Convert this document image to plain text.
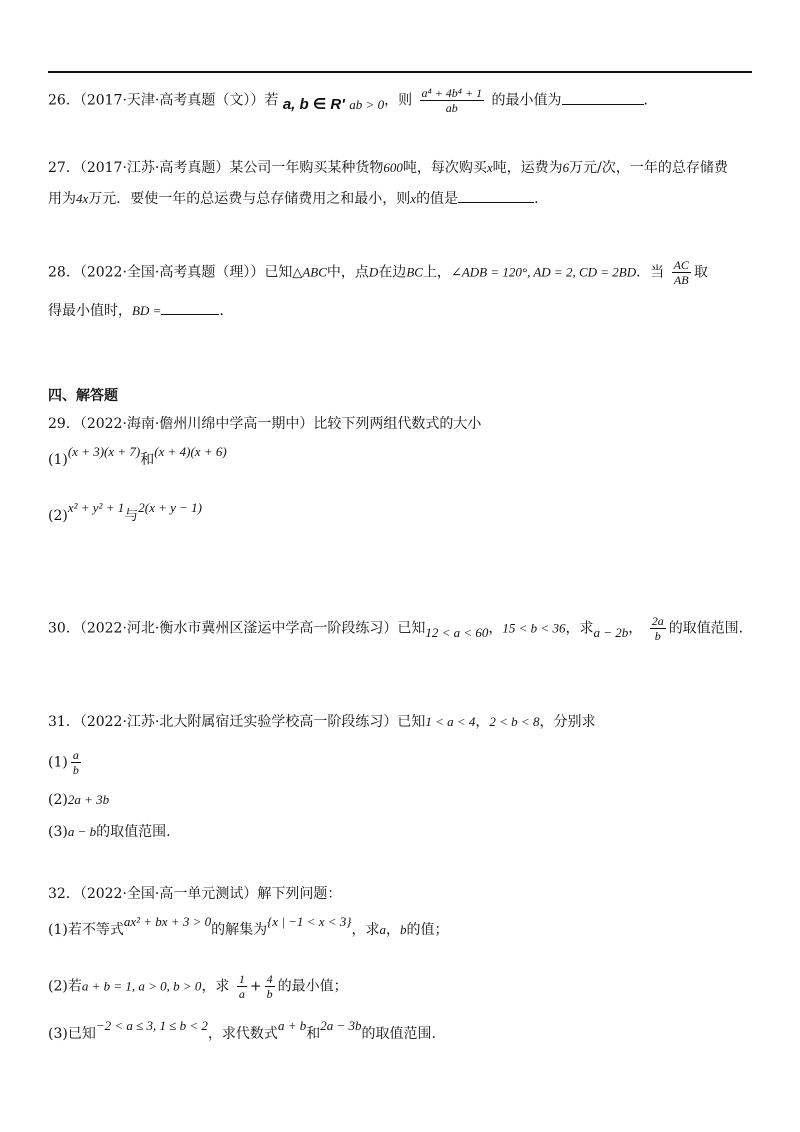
26．（2017·天津·高考真题（文））若 a, b ∈ R' ab > 0，则 $\frac{\text{a⁴ + 4b⁴ + 1}}{ab}$ 的最小值为	.
27．（2017·江苏·高考真题）某公司一年购买某种货物600吨，每次购买x吨，运费为6万元/次，一年的总存储费
用为4x万元．要使一年的总运费与总存储费用之和最小，则x的值是	.
28．（2022·全国·高考真题（理））已知△ABC中，点D在边BC上，∠ADB = 120°, AD = 2, CD = 2BD．当 $\frac{AC}{AB}$ 取
得最小值时，BD =	.
四、解答题
29．（2022·海南·儋州川绵中学高一期中）比较下列两组代数式的大小
(1)(x + 3)(x + 7)和(x + 4)(x + 6)
(2)x² + y² + 1与2(x + y − 1)
30．（2022·河北·衡水市冀州区滏运中学高一阶段练习）已知12 < a < 60，15 < b < 36，求a − 2b， $\frac{2a}{b}$ 的取值范围.
31．（2022·江苏·北大附属宿迁实验学校高一阶段练习）已知1 < a < 4，2 < b < 8，分别求
$(1) \frac{a}{b}$
(2)2a + 3b
(3)a − b的取值范围.
32．（2022·全国·高一单元测试）解下列问题：
(1)若不等式ax² + bx + 3 > 0的解集为{x | −1 < x < 3}，求a，b的值；
(2)若a + b = 1, a > 0, b > 0，求 $\frac{1}{a} + \frac{4}{b}$ 的最小值；
(3)已知−2 < a ≤ 3, 1 ≤ b < 2，求代数式a + b和2a − 3b的取值范围.
